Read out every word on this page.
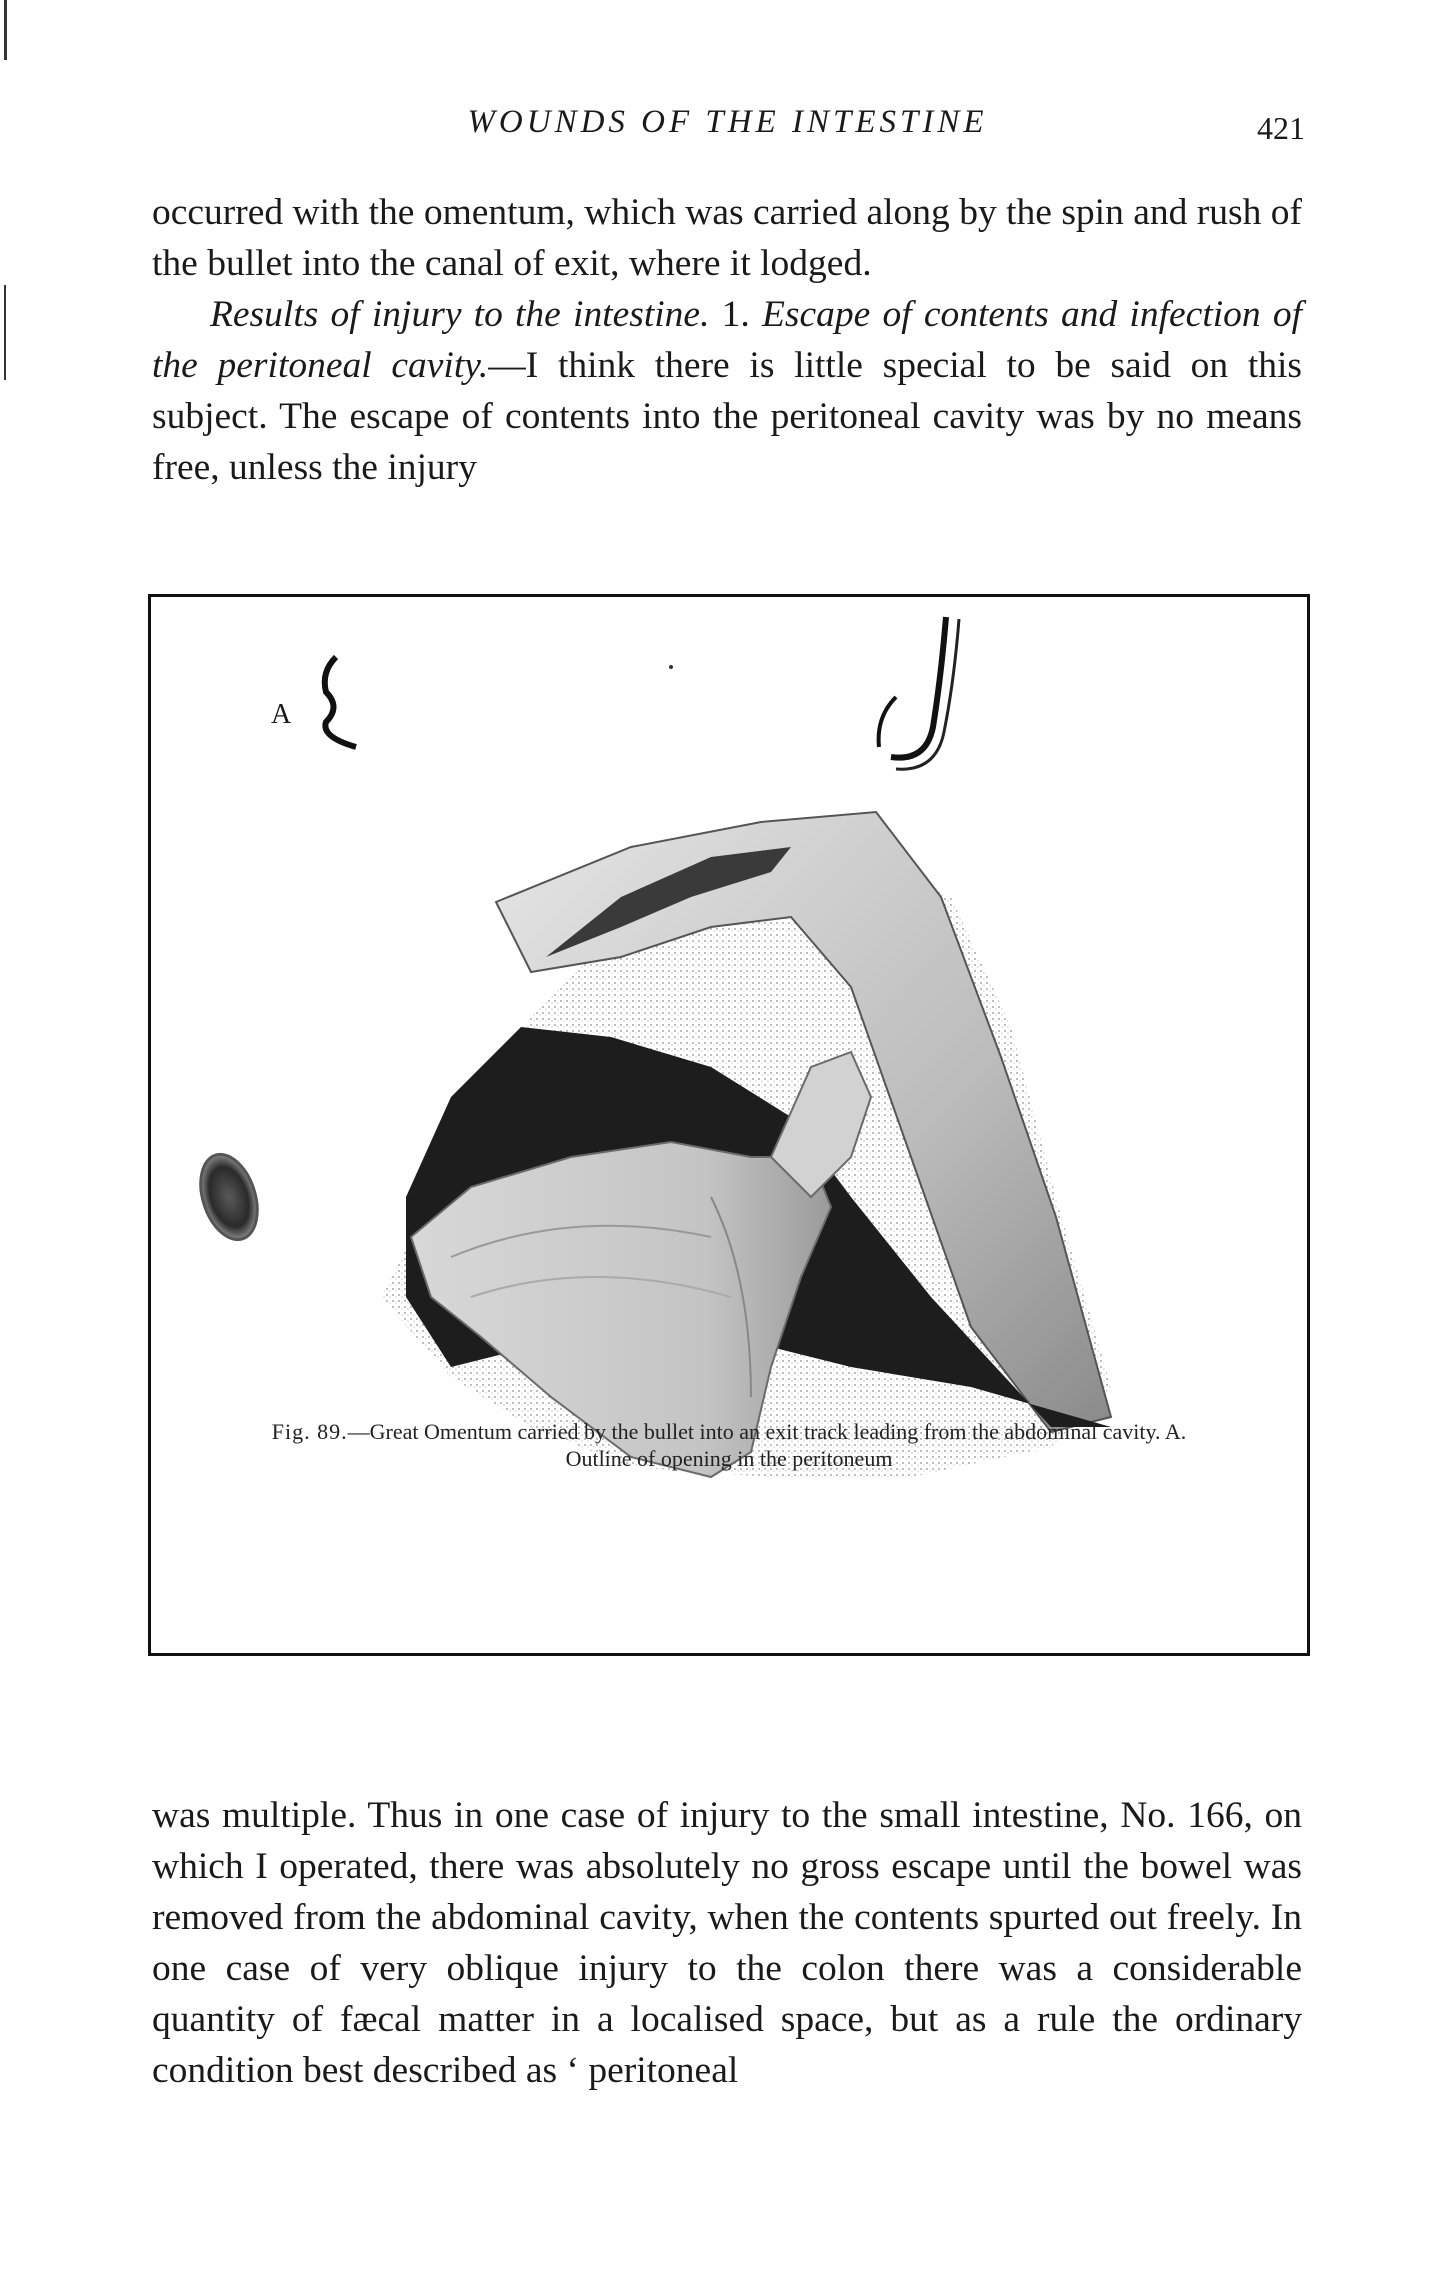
WOUNDS OF THE INTESTINE	421

occurred with the omentum, which was carried along by the spin and rush of the bullet into the canal of exit, where it lodged.

Results of injury to the intestine. 1. Escape of contents and infection of the peritoneal cavity.—I think there is little special to be said on this subject. The escape of contents into the peritoneal cavity was by no means free, unless the injury

A
Fig. 89.—Great Omentum carried by the bullet into an exit track leading from the abdominal cavity. A. Outline of opening in the peritoneum

was multiple. Thus in one case of injury to the small intestine, No. 166, on which I operated, there was absolutely no gross escape until the bowel was removed from the abdominal cavity, when the contents spurted out freely. In one case of very oblique injury to the colon there was a considerable quantity of fæcal matter in a localised space, but as a rule the ordinary condition best described as ‘ peritoneal
